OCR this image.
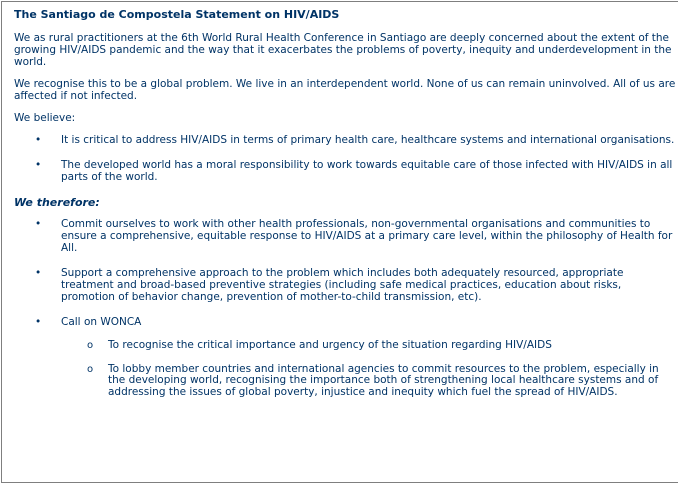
The Santiago de Compostela Statement on HIV/AIDS

We as rural practitioners at the 6th World Rural Health Conference in Santiago are deeply concerned about the extent of the growing HIV/AIDS pandemic and the way that it exacerbates the problems of poverty, inequity and underdevelopment in the world.

We recognise this to be a global problem. We live in an interdependent world. None of us can remain uninvolved. All of us are affected if not infected.

We believe:

• It is critical to address HIV/AIDS in terms of primary health care, healthcare systems and international organisations.
• The developed world has a moral responsibility to work towards equitable care of those infected with HIV/AIDS in all parts of the world.
We therefore:
• Commit ourselves to work with other health professionals, non-governmental organisations and communities to ensure a comprehensive, equitable response to HIV/AIDS at a primary care level, within the philosophy of Health for All.
• Support a comprehensive approach to the problem which includes both adequately resourced, appropriate treatment and broad-based preventive strategies (including safe medical practices, education about risks, promotion of behavior change, prevention of mother-to-child transmission, etc).
• Call on WONCA
o To recognise the critical importance and urgency of the situation regarding HIV/AIDS
o To lobby member countries and international agencies to commit resources to the problem, especially in the developing world, recognising the importance both of strengthening local healthcare systems and of addressing the issues of global poverty, injustice and inequity which fuel the spread of HIV/AIDS.
